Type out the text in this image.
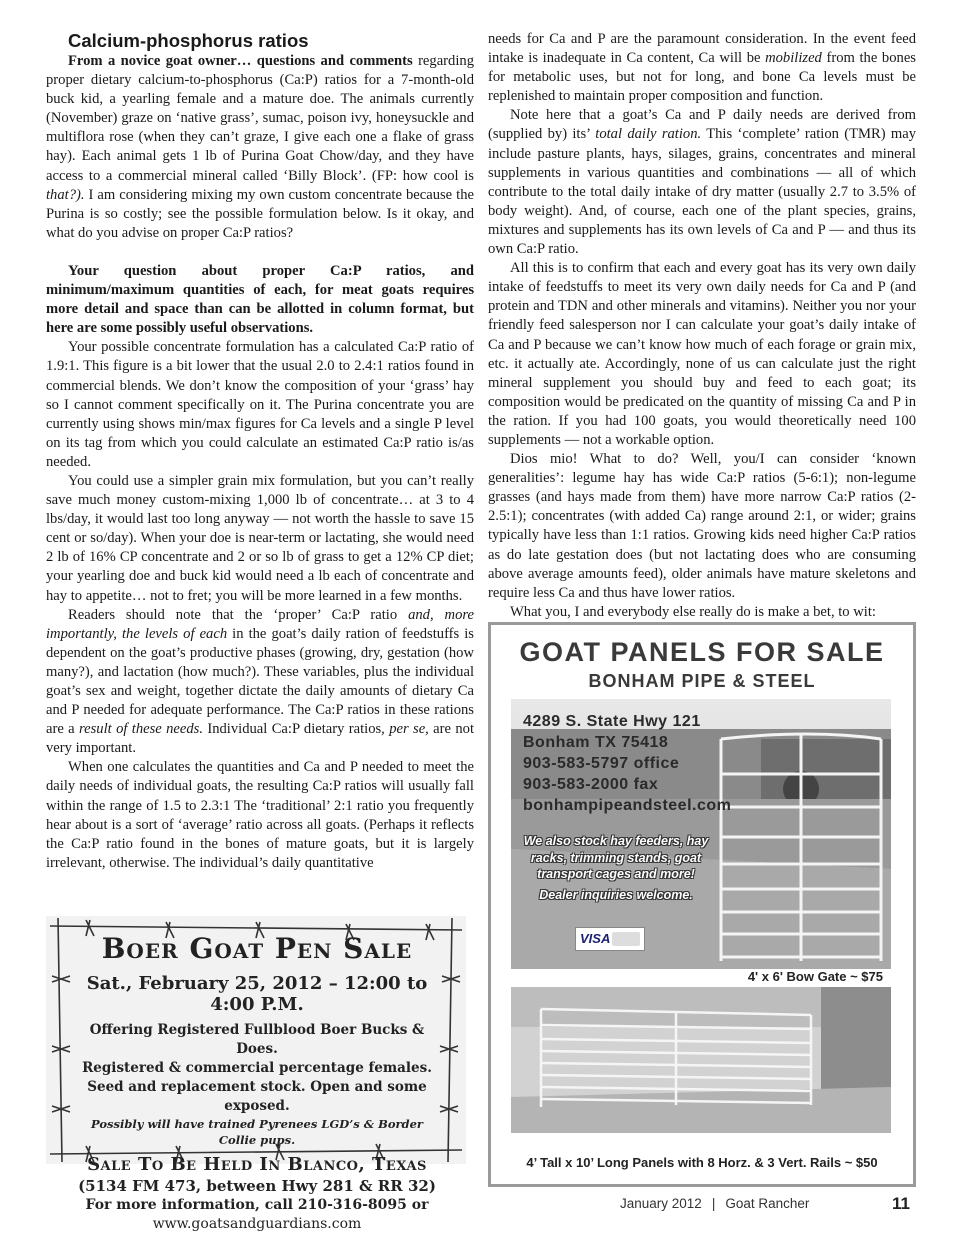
Calcium-phosphorus ratios

From a novice goat owner… questions and comments regarding proper dietary calcium-to-phosphorus (Ca:P) ratios for a 7-month-old buck kid, a yearling female and a mature doe. The animals currently (November) graze on ‘native grass’, sumac, poison ivy, honeysuckle and multiflora rose (when they can’t graze, I give each one a flake of grass hay). Each animal gets 1 lb of Purina Goat Chow/day, and they have access to a commercial mineral called ‘Billy Block’. (FP: how cool is that?). I am considering mixing my own custom concentrate because the Purina is so costly; see the possible formulation below. Is it okay, and what do you advise on proper Ca:P ratios?

Your question about proper Ca:P ratios, and minimum/maximum quantities of each, for meat goats requires more detail and space than can be allotted in column format, but here are some possibly useful observations.

Your possible concentrate formulation has a calculated Ca:P ratio of 1.9:1. This figure is a bit lower that the usual 2.0 to 2.4:1 ratios found in commercial blends. We don’t know the composition of your ‘grass’ hay so I cannot comment specifically on it. The Purina concentrate you are currently using shows min/max figures for Ca levels and a single P level on its tag from which you could calculate an estimated Ca:P ratio is/as needed.

You could use a simpler grain mix formulation, but you can’t really save much money custom-mixing 1,000 lb of concentrate… at 3 to 4 lbs/day, it would last too long anyway — not worth the hassle to save 15 cent or so/day). When your doe is near-term or lactating, she would need 2 lb of 16% CP concentrate and 2 or so lb of grass to get a 12% CP diet; your yearling doe and buck kid would need a lb each of concentrate and hay to appetite… not to fret; you will be more learned in a few months.

Readers should note that the ‘proper’ Ca:P ratio and, more importantly, the levels of each in the goat’s daily ration of feedstuffs is dependent on the goat’s productive phases (growing, dry, gestation (how many?), and lactation (how much?). These variables, plus the individual goat’s sex and weight, together dictate the daily amounts of dietary Ca and P needed for adequate performance. The Ca:P ratios in these rations are a result of these needs. Individual Ca:P dietary ratios, per se, are not very important.

When one calculates the quantities and Ca and P needed to meet the daily needs of individual goats, the resulting Ca:P ratios will usually fall within the range of 1.5 to 2.3:1 The ‘traditional’ 2:1 ratio you frequently hear about is a sort of ‘average’ ratio across all goats. (Perhaps it reflects the Ca:P ratio found in the bones of mature goats, but it is largely irrelevant, otherwise. The individual’s daily quantitative

needs for Ca and P are the paramount consideration. In the event feed intake is inadequate in Ca content, Ca will be mobilized from the bones for metabolic uses, but not for long, and bone Ca levels must be replenished to maintain proper composition and function.

Note here that a goat’s Ca and P daily needs are derived from (supplied by) its’ total daily ration. This ‘complete’ ration (TMR) may include pasture plants, hays, silages, grains, concentrates and mineral supplements in various quantities and combinations — all of which contribute to the total daily intake of dry matter (usually 2.7 to 3.5% of body weight). And, of course, each one of the plant species, grains, mixtures and supplements has its own levels of Ca and P — and thus its own Ca:P ratio.

All this is to confirm that each and every goat has its very own daily intake of feedstuffs to meet its very own daily needs for Ca and P (and protein and TDN and other minerals and vitamins). Neither you nor your friendly feed salesperson nor I can calculate your goat’s daily intake of Ca and P because we can’t know how much of each forage or grain mix, etc. it actually ate. Accordingly, none of us can calculate just the right mineral supplement you should buy and feed to each goat; its composition would be predicated on the quantity of missing Ca and P in the ration. If you had 100 goats, you would theoretically need 100 supplements — not a workable option.

Dios mio! What to do? Well, you/I can consider ‘known generalities’: legume hay has wide Ca:P ratios (5-6:1); non-legume grasses (and hays made from them) have more narrow Ca:P ratios (2-2.5:1); concentrates (with added Ca) range around 2:1, or wider; grains typically have less than 1:1 ratios. Growing kids need higher Ca:P ratios as do late gestation does (but not lactating does who are consuming above average amounts feed), older animals have mature skeletons and require less Ca and thus have lower ratios.

What you, I and everybody else really do is make a bet, to wit:

Boer Goat Pen Sale
Sat., February 25, 2012 – 12:00 to 4:00 P.M.
Offering Registered Fullblood Boer Bucks & Does.
Registered & commercial percentage females.
Seed and replacement stock. Open and some exposed.
Possibly will have trained Pyrenees LGD’s & Border Collie pups.
Sale To Be Held In Blanco, Texas
(5134 FM 473, between Hwy 281 & RR 32)
For more information, call 210-316-8095 or
www.goatsandguardians.com
GOAT PANELS FOR SALE
BONHAM PIPE & STEEL
4289 S. State Hwy 121
Bonham TX 75418
903-583-5797 office
903-583-2000 fax
bonhampipeandsteel.com
We also stock hay feeders, hay racks, trimming stands, goat transport cages and more!
Dealer inquiries welcome.
VISA
4' x 6' Bow Gate ~ $75
4’ Tall x 10’ Long Panels with 8 Horz. & 3 Vert. Rails ~ $50
January 2012 | Goat Rancher	11
